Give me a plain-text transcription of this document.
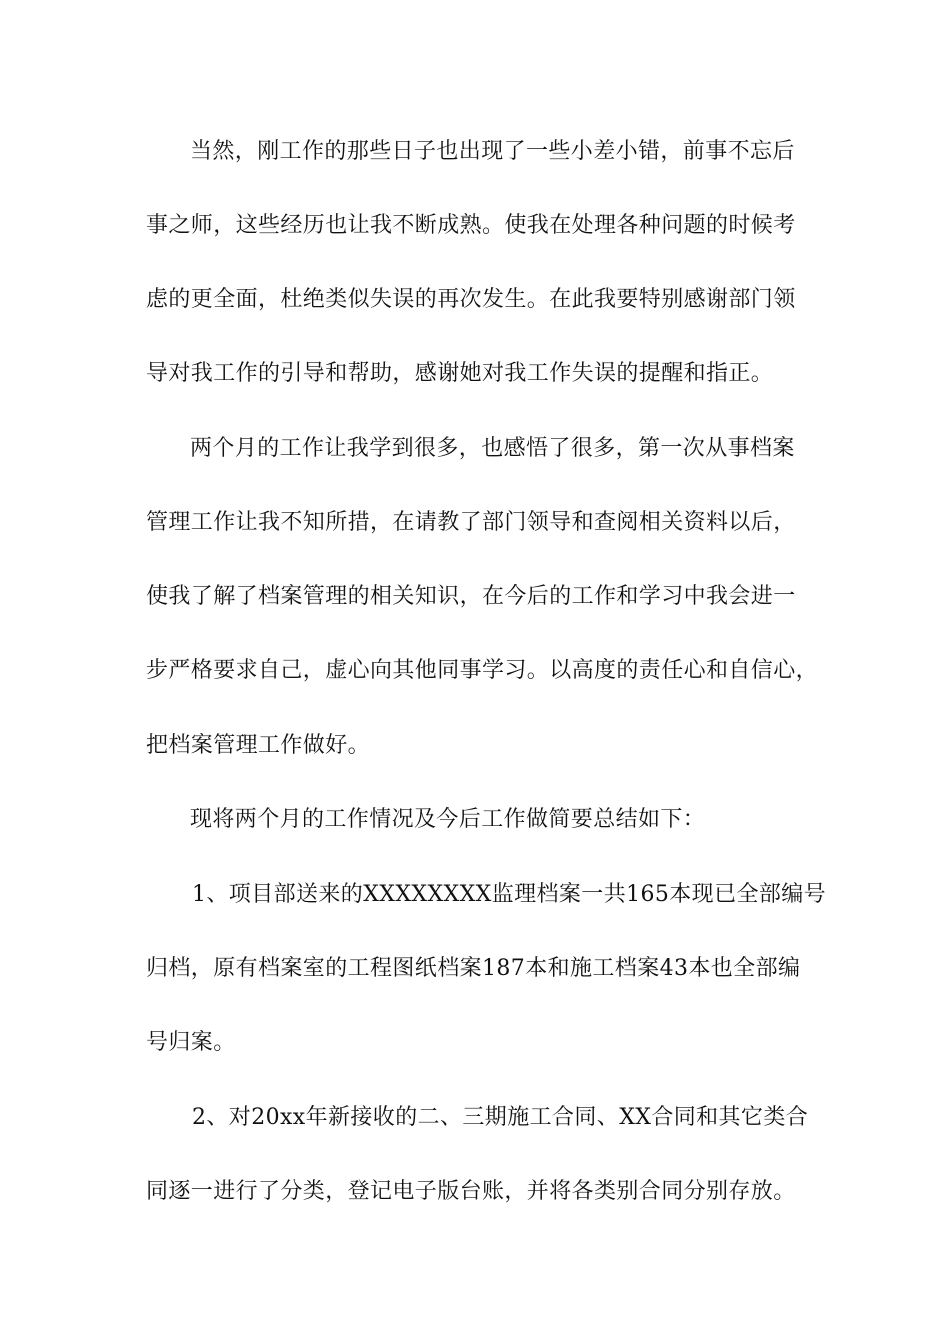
当然，刚工作的那些日子也出现了一些小差小错，前事不忘后
事之师，这些经历也让我不断成熟。使我在处理各种问题的时候考
虑的更全面，杜绝类似失误的再次发生。在此我要特别感谢部门领
导对我工作的引导和帮助，感谢她对我工作失误的提醒和指正。
两个月的工作让我学到很多，也感悟了很多，第一次从事档案
管理工作让我不知所措，在请教了部门领导和查阅相关资料以后，
使我了解了档案管理的相关知识，在今后的工作和学习中我会进一
步严格要求自己，虚心向其他同事学习。以高度的责任心和自信心，
把档案管理工作做好。
现将两个月的工作情况及今后工作做简要总结如下：
1、项目部送来的XXXXXXXX监理档案一共165本现已全部编号
归档，原有档案室的工程图纸档案187本和施工档案43本也全部编
号归案。
2、对20xx年新接收的二、三期施工合同、XX合同和其它类合
同逐一进行了分类，登记电子版台账，并将各类别合同分别存放。
